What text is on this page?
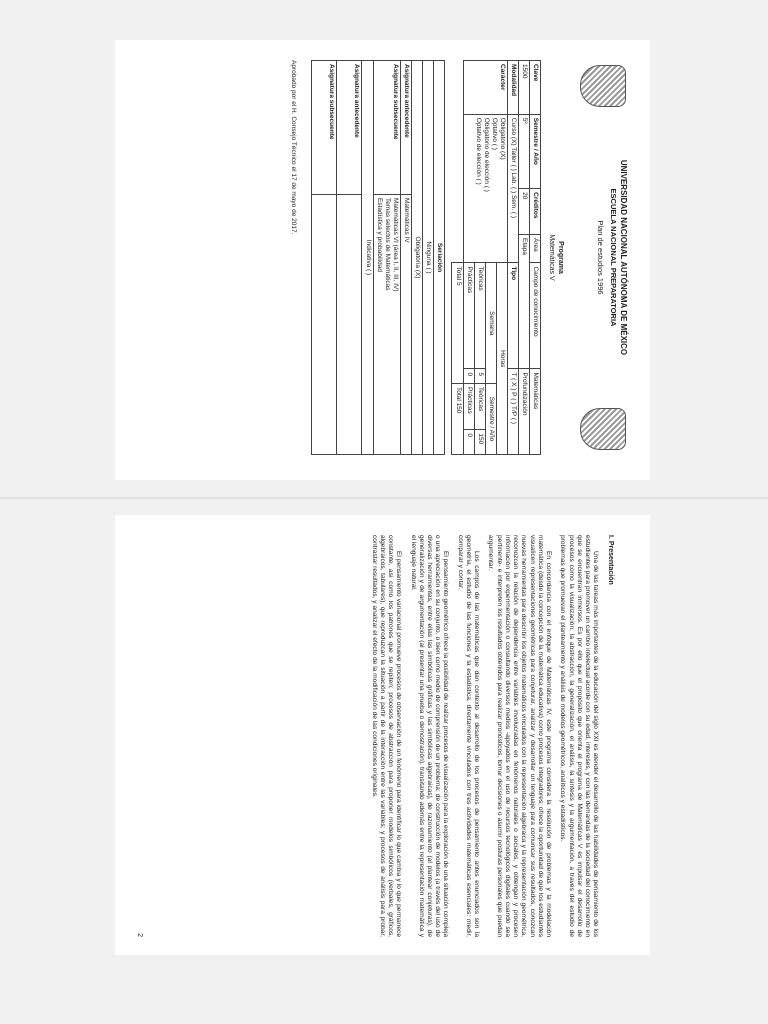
UNIVERSIDAD NACIONAL AUTÓNOMA DE MÉXICO
ESCUELA NACIONAL PREPARATORIA
Plan de estudios 1996
Programa
Matemáticas V
Clave	Semestre / Año	Créditos	Área	Campo de conocimiento	Matemáticas		
1500	5º	20	Etapa		Profundización		
Modalidad	Curso (X) Taller ( ) Lab. ( ) Sem. ( )			Tipo	T ( X ) P ( ) T/P ( )		
Carácter	Obligatorio (X)
Optativo ( )
Obligatorio de elección ( )
Optativo de elección ( )			Horas			
				Semana		Semestre / Año	
				Teóricas	5	Teóricas	150
				Prácticas	0	Prácticas	0
				Total 5		Total 150	
Seriación	
Ninguna ( )	
Obligatoria (X)	
Asignatura antecedente	Matemáticas IV
Asignatura subsecuente	Matemáticas VI (área I, II, III, IV)
Temas selectos de Matemáticas
Estadística y probabilidad
Indicativa ( )	
Asignatura antecedente	
Asignatura subsecuente	
Aprobado por el H. Consejo Técnico el 17 de mayo de 2017.
I. Presentación

Una de las tareas más importantes de la educación del siglo XXI es atender el desarrollo de las habilidades de pensamiento de los estudiantes para promover un cambio intelectual acorde con su edad, intereses, y con las demandas de la sociedad del conocimiento en que se encuentran inmersos. Es por ello que el propósito que orienta el programa de Matemáticas V es impulsar el desarrollo de procesos como la visualización, la abstracción, la generalización, el análisis, la síntesis y la argumentación, a través del estudio de problemas que promuevan el planteamiento y análisis de modelos geométricos, analíticos y estadísticos.

En concordancia con el enfoque de Matemáticas IV, este programa considera la resolución de problemas y la modelación matemática (desde la concepción de la matemática educativa) como procesos integradores; ofrece la oportunidad de que los estudiantes visualicen representaciones geométricas para conjeturar, analizar y desarrollar un lenguaje para comunicar sus resultados, conozcan nuevas herramientas para describir los objetos matemáticos vinculados con la representación algebraica y la representación geométrica, reconozcan la relación de dependencia entre variables involucradas en fenómenos naturales o sociales, y obtengan y procesen información por experimentación o consultando diversos medios -apoyados en el uso de recursos tecnológicos digitales cuando sea pertinente- e interpreten los resultados obtenidos para realizar pronósticos, tomar decisiones o asumir posturas personales que puedan argumentar.

Los campos de las matemáticas que dan contexto al desarrollo de los procesos de pensamiento antes enunciados son la geometría, el estudio de las funciones y la estadística, directamente vinculados con tres actividades matemáticas esenciales: medir, comparar y contar.

El pensamiento geométrico ofrece la posibilidad de realizar procesos de visualización para la exploración de una situación compleja o una apreciación en su conjunto, o bien como medio de comprensión de un problema; de construcción de modelos (a través del uso de diversas herramientas, entre ellas las simbólicas gráficas y las simbólicas algebraicas), de razonamiento (al plantear conjeturas), de generalización y de argumentación (al presentar una prueba o demostración), transitando además entre la representación matemática y el lenguaje natural.

El pensamiento variacional promueve procesos de observación de un fenómeno para identificar lo que cambia y lo que permanece constante, así como los patrones que se repiten; procesos de abstracción para proponer modelos simbólicos (verbales, gráficos, algebraicos, tabulares), que reproduzcan la situación a partir de la interacción entre las variables; y procesos de análisis para probar, contrastar resultados, y analizar el efecto de la modificación de las condiciones originales.

2
